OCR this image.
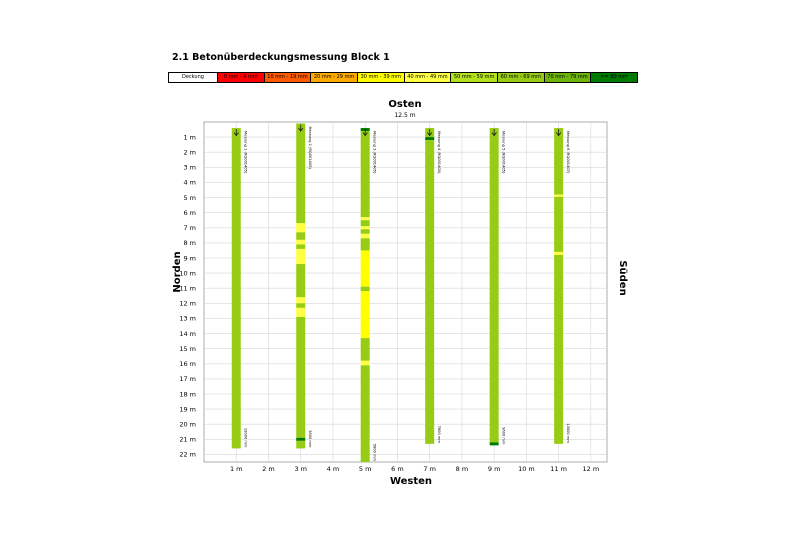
2.1 Betonüberdeckungsmessung Block 1
Deckung	0 mm - 9 mm	10 mm - 19 mm	20 mm - 29 mm	30 mm - 39 mm	40 mm - 49 mm	50 mm - 59 mm	60 mm - 69 mm	70 mm - 79 mm	>= 80 mm
Messung 1 (RQ001405)
19000 mm
Messung 2 (RQ001405)
3600 mm
Messung 3 (RQ001405)
5800 mm
Messung 4 (RQ001405)
7800 mm
Messung 5 (RQ001405)
9600 mm
Messung 6 (RQ001407)
13000 mm
1 m	2 m	3 m	4 m	5 m	6 m	7 m	8 m	9 m	10 m 11 m 12 m
1 m
2 m
3 m
4 m
5 m
6 m
7 m
8 m
9 m
10 m
11 m
12 m
13 m
14 m
15 m
16 m
17 m
18 m
19 m
20 m
21 m
22 m
Osten
12.5 m
Westen
Norden	Süden
